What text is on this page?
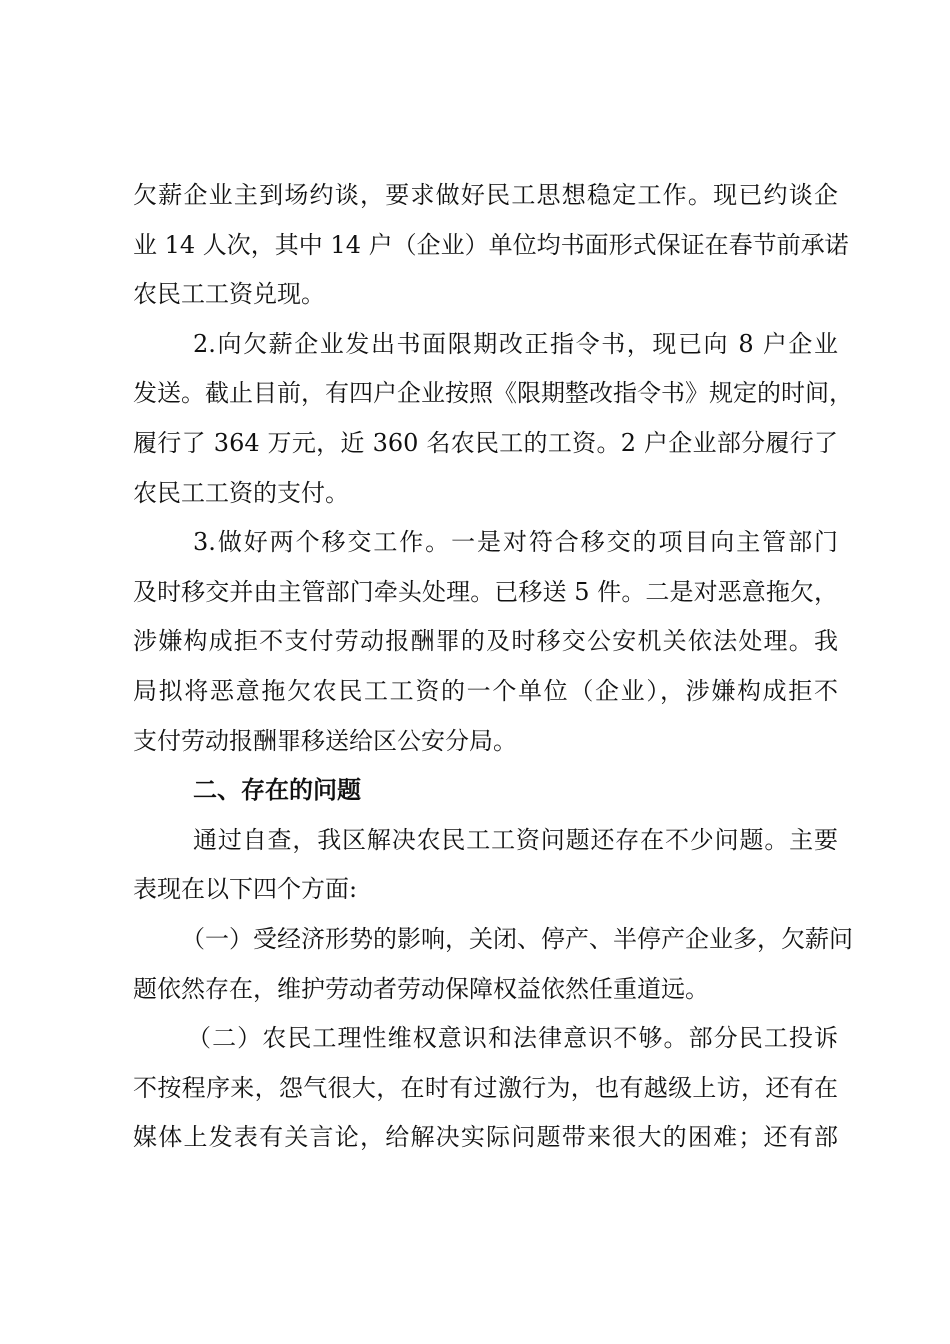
欠薪企业主到场约谈，要求做好民工思想稳定工作。现已约谈企
业 14 人次，其中 14 户（企业）单位均书面形式保证在春节前承诺
农民工工资兑现。
2.向欠薪企业发出书面限期改正指令书，现已向 8 户企业
发送。截止目前，有四户企业按照《限期整改指令书》规定的时间，
履行了 364 万元，近 360 名农民工的工资。2 户企业部分履行了
农民工工资的支付。
3.做好两个移交工作。一是对符合移交的项目向主管部门
及时移交并由主管部门牵头处理。已移送 5 件。二是对恶意拖欠，
涉嫌构成拒不支付劳动报酬罪的及时移交公安机关依法处理。我
局拟将恶意拖欠农民工工资的一个单位（企业），涉嫌构成拒不
支付劳动报酬罪移送给区公安分局。
二、存在的问题
通过自查，我区解决农民工工资问题还存在不少问题。主要
表现在以下四个方面:
（一）受经济形势的影响，关闭、停产、半停产企业多，欠薪问
题依然存在，维护劳动者劳动保障权益依然任重道远。
（二）农民工理性维权意识和法律意识不够。部分民工投诉
不按程序来，怨气很大，在时有过激行为，也有越级上访，还有在
媒体上发表有关言论，给解决实际问题带来很大的困难；还有部
